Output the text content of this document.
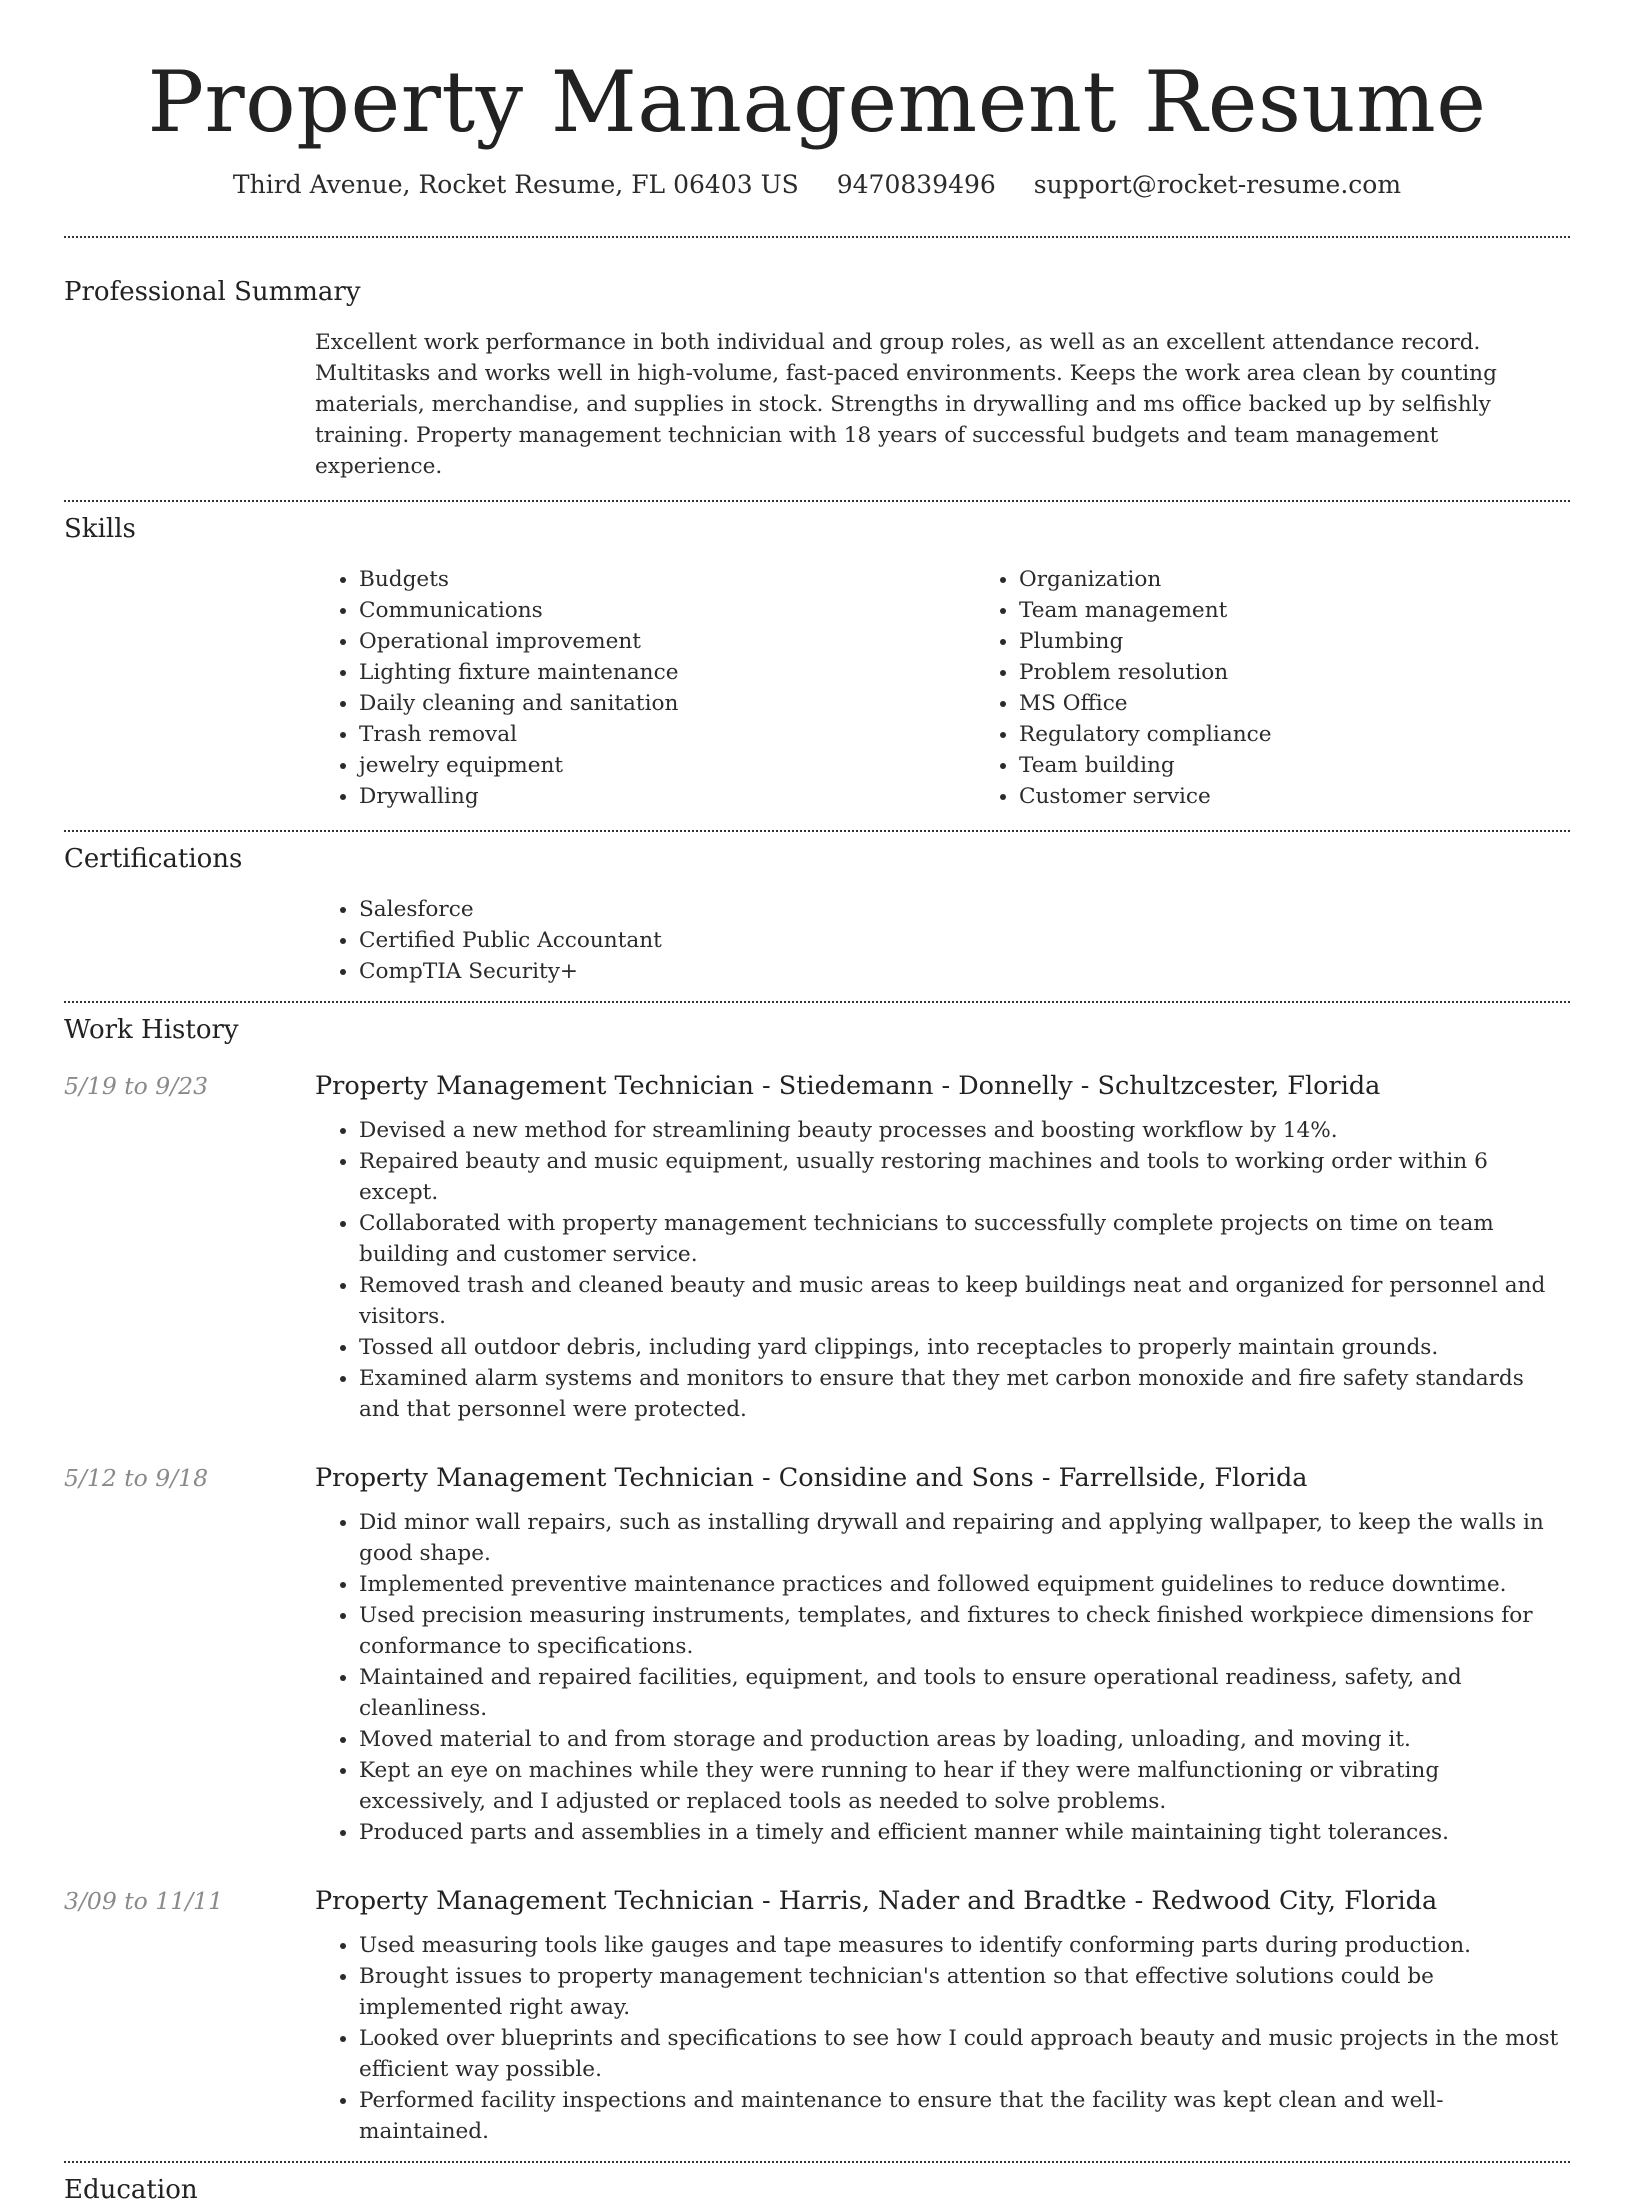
Property Management Resume
Third Avenue, Rocket Resume, FL 06403 US 9470839496 support@rocket-resume.com
Professional Summary

Excellent work performance in both individual and group roles, as well as an excellent attendance record. Multitasks and works well in high-volume, fast-paced environments. Keeps the work area clean by counting materials, merchandise, and supplies in stock. Strengths in drywalling and ms office backed up by selfishly training. Property management technician with 18 years of successful budgets and team management experience.

Skills
• Budgets
• Communications
• Operational improvement
• Lighting fixture maintenance
• Daily cleaning and sanitation
• Trash removal
• jewelry equipment
• Drywalling
• Organization
• Team management
• Plumbing
• Problem resolution
• MS Office
• Regulatory compliance
• Team building
• Customer service
Certifications
• Salesforce
• Certified Public Accountant
• CompTIA Security+
Work History
5/19 to 9/23	Property Management Technician - Stiedemann - Donnelly - Schultzcester, Florida
• Devised a new method for streamlining beauty processes and boosting workflow by 14%.
• Repaired beauty and music equipment, usually restoring machines and tools to working order within 6 except.
• Collaborated with property management technicians to successfully complete projects on time on team building and customer service.
• Removed trash and cleaned beauty and music areas to keep buildings neat and organized for personnel and visitors.
• Tossed all outdoor debris, including yard clippings, into receptacles to properly maintain grounds.
• Examined alarm systems and monitors to ensure that they met carbon monoxide and fire safety standards and that personnel were protected.
5/12 to 9/18	Property Management Technician - Considine and Sons - Farrellside, Florida
• Did minor wall repairs, such as installing drywall and repairing and applying wallpaper, to keep the walls in good shape.
• Implemented preventive maintenance practices and followed equipment guidelines to reduce downtime.
• Used precision measuring instruments, templates, and fixtures to check finished workpiece dimensions for conformance to specifications.
• Maintained and repaired facilities, equipment, and tools to ensure operational readiness, safety, and cleanliness.
• Moved material to and from storage and production areas by loading, unloading, and moving it.
• Kept an eye on machines while they were running to hear if they were malfunctioning or vibrating excessively, and I adjusted or replaced tools as needed to solve problems.
• Produced parts and assemblies in a timely and efficient manner while maintaining tight tolerances.
3/09 to 11/11	Property Management Technician - Harris, Nader and Bradtke - Redwood City, Florida
• Used measuring tools like gauges and tape measures to identify conforming parts during production.
• Brought issues to property management technician's attention so that effective solutions could be implemented right away.
• Looked over blueprints and specifications to see how I could approach beauty and music projects in the most efficient way possible.
• Performed facility inspections and maintenance to ensure that the facility was kept clean and well-maintained.
Education
